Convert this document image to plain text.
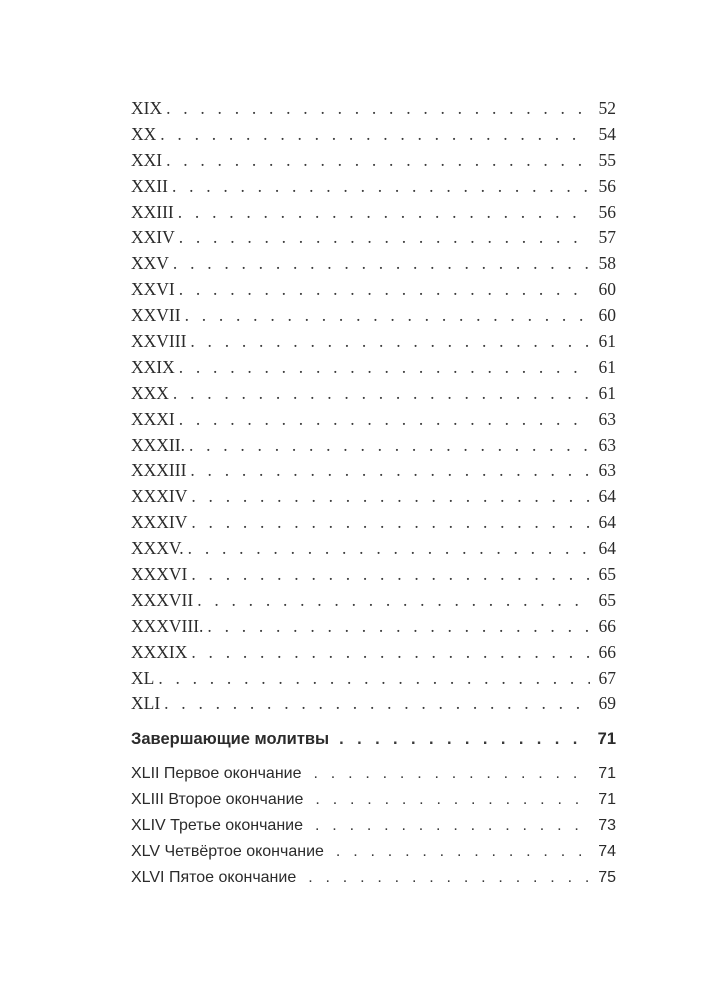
XIX . . .	52
XX . . .	54
XXI . . .	55
XXII . . .	56
XXIII . . .	56
XXIV . . .	57
XXV . . .	58
XXVI . . .	60
XXVII . . .	60
XXVIII . . .	61
XXIX . . .	61
XXX . . .	61
XXXI . . .	63
XXXII. . . .	63
XXXIII . . .	63
XXXIV . . .	64
XXXIV . . .	64
XXXV. . . .	64
XXXVI . . .	65
XXXVII . . .	65
XXXVIII. . . .	66
XXXIX . . .	66
XL . . .	67
XLI . . .	69
Завершающие молитвы . . .	71
XLII Первое окончание . . .	71
XLIII Второе окончание . . .	71
XLIV Третье окончание . . .	73
XLV Четвёртое окончание . . .	74
XLVI Пятое окончание . . .	75
